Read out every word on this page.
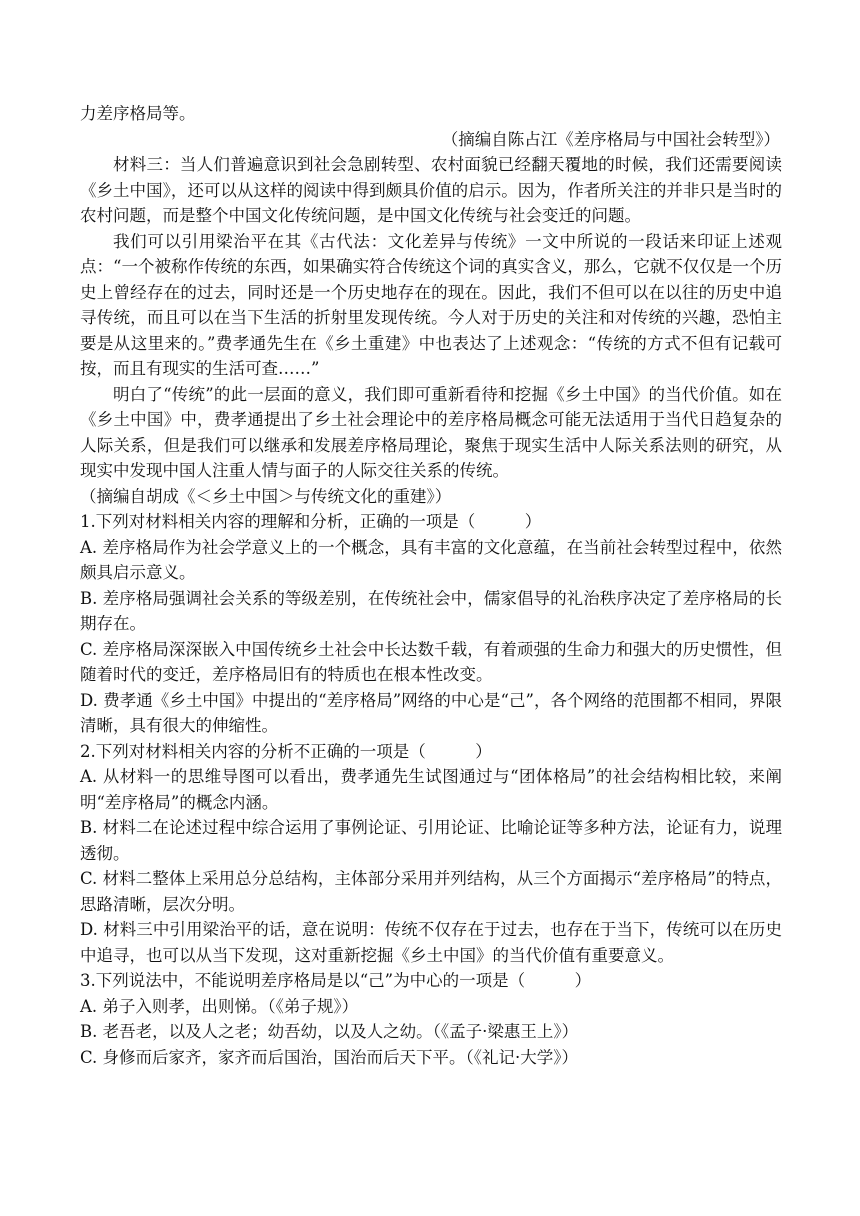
力差序格局等。

（摘编自陈占江《差序格局与中国社会转型》）

材料三：当人们普遍意识到社会急剧转型、农村面貌已经翻天覆地的时候，我们还需要阅读《乡土中国》，还可以从这样的阅读中得到颇具价值的启示。因为，作者所关注的并非只是当时的农村问题，而是整个中国文化传统问题，是中国文化传统与社会变迁的问题。

我们可以引用梁治平在其《古代法：文化差异与传统》一文中所说的一段话来印证上述观点：“一个被称作传统的东西，如果确实符合传统这个词的真实含义，那么，它就不仅仅是一个历史上曾经存在的过去，同时还是一个历史地存在的现在。因此，我们不但可以在以往的历史中追寻传统，而且可以在当下生活的折射里发现传统。今人对于历史的关注和对传统的兴趣，恐怕主要是从这里来的。”费孝通先生在《乡土重建》中也表达了上述观念：“传统的方式不但有记载可按，而且有现实的生活可查……”

明白了“传统”的此一层面的意义，我们即可重新看待和挖掘《乡土中国》的当代价值。如在《乡土中国》中，费孝通提出了乡土社会理论中的差序格局概念可能无法适用于当代日趋复杂的人际关系，但是我们可以继承和发展差序格局理论，聚焦于现实生活中人际关系法则的研究，从现实中发现中国人注重人情与面子的人际交往关系的传统。

（摘编自胡成《＜乡土中国＞与传统文化的重建》）

1.下列对材料相关内容的理解和分析，正确的一项是（　　　）

A. 差序格局作为社会学意义上的一个概念，具有丰富的文化意蕴，在当前社会转型过程中，依然颇具启示意义。

B. 差序格局强调社会关系的等级差别，在传统社会中，儒家倡导的礼治秩序决定了差序格局的长期存在。

C. 差序格局深深嵌入中国传统乡土社会中长达数千载，有着顽强的生命力和强大的历史惯性，但随着时代的变迁，差序格局旧有的特质也在根本性改变。

D. 费孝通《乡土中国》中提出的“差序格局”网络的中心是“己”，各个网络的范围都不相同，界限清晰，具有很大的伸缩性。

2.下列对材料相关内容的分析不正确的一项是（　　　）

A. 从材料一的思维导图可以看出，费孝通先生试图通过与“团体格局”的社会结构相比较，来阐明“差序格局”的概念内涵。

B. 材料二在论述过程中综合运用了事例论证、引用论证、比喻论证等多种方法，论证有力，说理透彻。

C. 材料二整体上采用总分总结构，主体部分采用并列结构，从三个方面揭示“差序格局”的特点，思路清晰，层次分明。

D. 材料三中引用梁治平的话，意在说明：传统不仅存在于过去，也存在于当下，传统可以在历史中追寻，也可以从当下发现，这对重新挖掘《乡土中国》的当代价值有重要意义。

3.下列说法中，不能说明差序格局是以“己”为中心的一项是（　　　）

A. 弟子入则孝，出则悌。（《弟子规》）

B. 老吾老，以及人之老；幼吾幼，以及人之幼。（《孟子·梁惠王上》）

C. 身修而后家齐，家齐而后国治，国治而后天下平。（《礼记·大学》）
